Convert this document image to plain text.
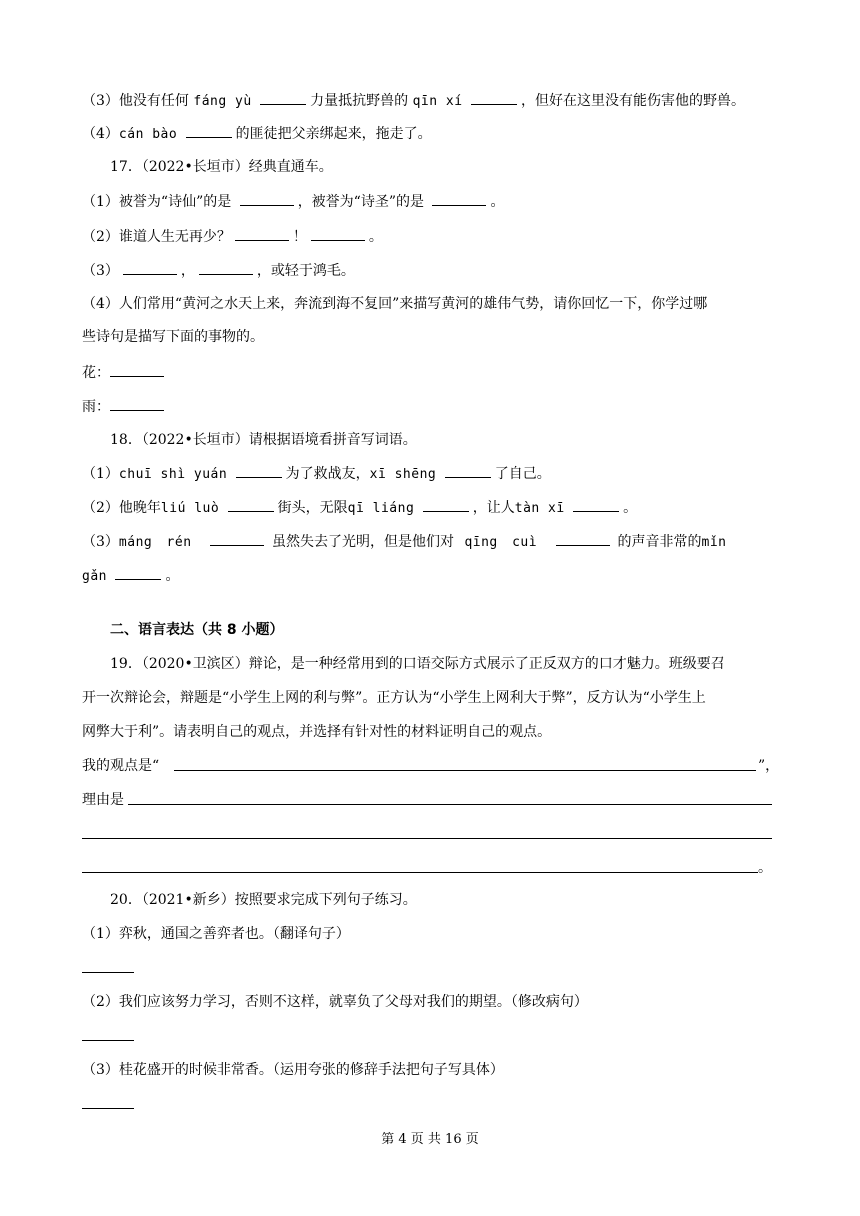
（3）他没有任何 fáng yù	力量抵抗野兽的 qīn xí	，但好在这里没有能伤害他的野兽。
（4）cán bào	的匪徒把父亲绑起来，拖走了。
17．（2022•长垣市）经典直通车。
（1）被誉为“诗仙”的是	，被誉为“诗圣”的是	。
（2）谁道人生无再少？	！	。
（3）	，	，或轻于鸿毛。
（4）人们常用“黄河之水天上来，奔流到海不复回”来描写黄河的雄伟气势，请你回忆一下，你学过哪
些诗句是描写下面的事物的。
花：
雨：
18．（2022•长垣市）请根据语境看拼音写词语。
（1）chuī shì yuán	为了救战友，xī shēng	了自己。
（2）他晚年liú luò	街头，无限qī liáng	，让人tàn xī	。
（3）máng rén	虽然失去了光明，但是他们对 qīng cuì	的声音非常的mǐn
gǎn	。
二、语言表达（共 8 小题）
19．（2020•卫滨区）辩论，是一种经常用到的口语交际方式展示了正反双方的口才魅力。班级要召
开一次辩论会，辩题是“小学生上网的利与弊”。正方认为“小学生上网利大于弊”，反方认为“小学生上
网弊大于利”。请表明自己的观点，并选择有针对性的材料证明自己的观点。
我的观点是“	”，
理由是
。
20．（2021•新乡）按照要求完成下列句子练习。
（1）弈秋，通国之善弈者也。（翻译句子）
（2）我们应该努力学习，否则不这样，就辜负了父母对我们的期望。（修改病句）
（3）桂花盛开的时候非常香。（运用夸张的修辞手法把句子写具体）
第 4 页 共 16 页
